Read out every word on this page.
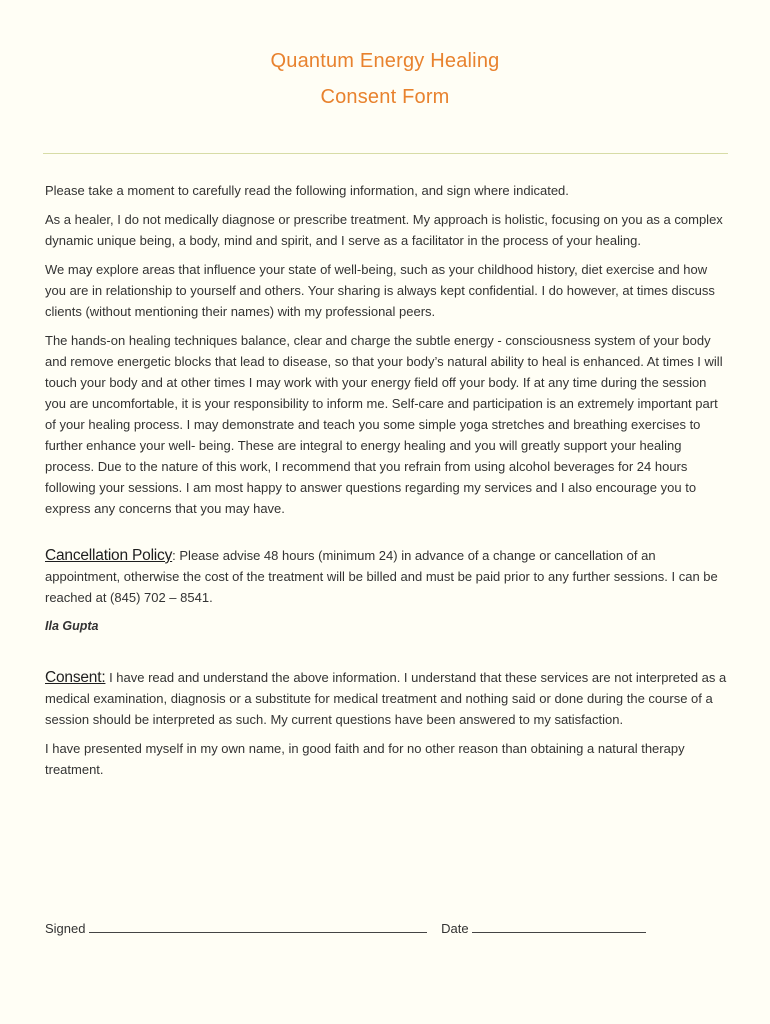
Quantum Energy Healing
Consent Form

Please take a moment to carefully read the following information, and sign where indicated.

As a healer, I do not medically diagnose or prescribe treatment. My approach is holistic, focusing on you as a complex dynamic unique being, a body, mind and spirit, and I serve as a facilitator in the process of your healing.

We may explore areas that influence your state of well-being, such as your childhood history, diet exercise and how you are in relationship to yourself and others. Your sharing is always kept confidential. I do however, at times discuss clients (without mentioning their names) with my professional peers.

The hands-on healing techniques balance, clear and charge the subtle energy - consciousness system of your body and remove energetic blocks that lead to disease, so that your body’s natural ability to heal is enhanced. At times I will touch your body and at other times I may work with your energy field off your body. If at any time during the session you are uncomfortable, it is your responsibility to inform me. Self-care and participation is an extremely important part of your healing process. I may demonstrate and teach you some simple yoga stretches and breathing exercises to further enhance your well- being. These are integral to energy healing and you will greatly support your healing process. Due to the nature of this work, I recommend that you refrain from using alcohol beverages for 24 hours following your sessions. I am most happy to answer questions regarding my services and I also encourage you to express any concerns that you may have.

Cancellation Policy: Please advise 48 hours (minimum 24) in advance of a change or cancellation of an appointment, otherwise the cost of the treatment will be billed and must be paid prior to any further sessions. I can be reached at (845) 702 – 8541.

Ila Gupta

Consent: I have read and understand the above information. I understand that these services are not interpreted as a medical examination, diagnosis or a substitute for medical treatment and nothing said or done during the course of a session should be interpreted as such. My current questions have been answered to my satisfaction.

I have presented myself in my own name, in good faith and for no other reason than obtaining a natural therapy treatment.

Signed	Date
